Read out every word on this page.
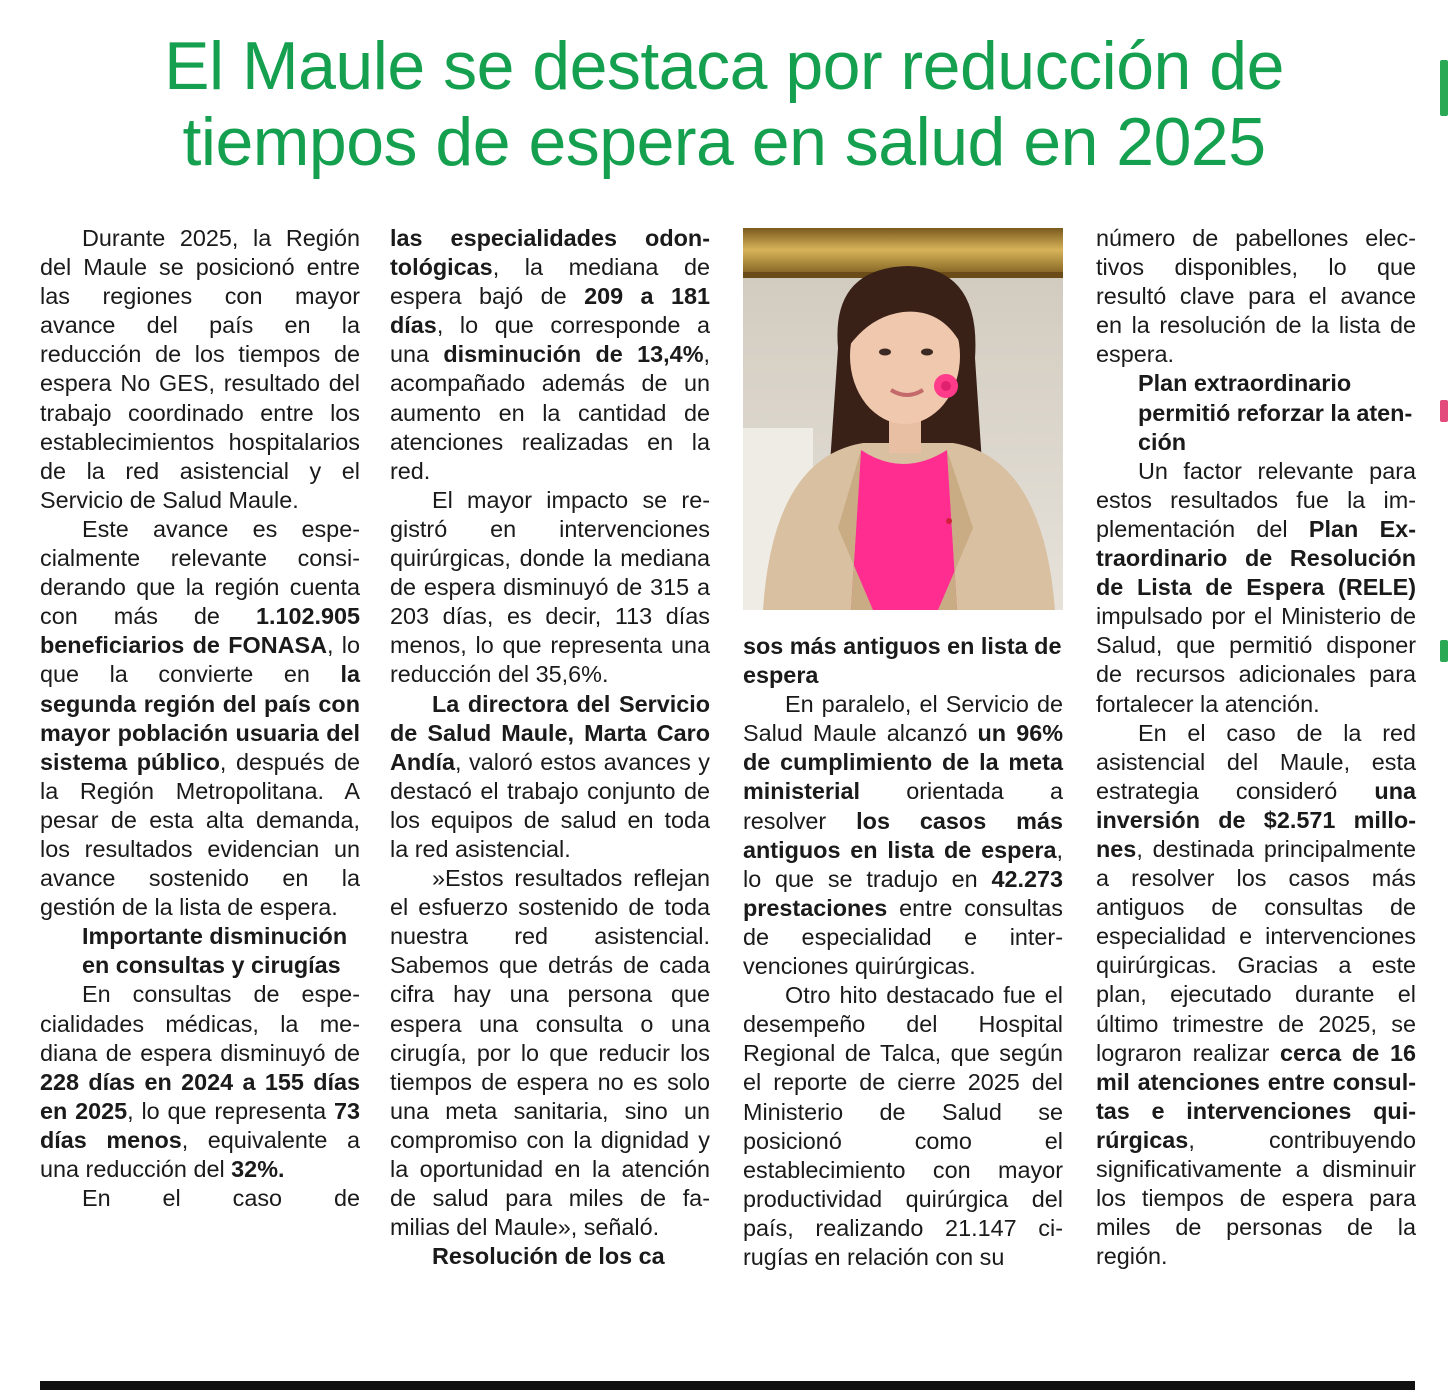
El Maule se destaca por reducción de tiempos de espera en salud en 2025

Durante 2025, la Región del Maule se posicionó entre las regiones con mayor avance del país en la reducción de los tiempos de espera No GES, resultado del trabajo coordinado entre los establecimientos hospitalarios de la red asistencial y el Servicio de Salud Maule.

Este avance es especialmente relevante considerando que la región cuenta con más de 1.102.905 beneficiarios de FONASA, lo que la convierte en la segunda región del país con mayor población usuaria del sistema público, después de la Región Metropolitana. A pesar de esta alta demanda, los resultados evidencian un avance sostenido en la gestión de la lista de espera.

Importante disminución en consultas y cirugías

En consultas de especialidades médicas, la mediana de espera disminuyó de 228 días en 2024 a 155 días en 2025, lo que representa 73 días menos, equivalente a una reducción del 32%.

En el caso de

las especialidades odontológicas, la mediana de espera bajó de 209 a 181 días, lo que corresponde a una disminución de 13,4%, acompañado además de un aumento en la cantidad de atenciones realizadas en la red.

El mayor impacto se registró en intervenciones quirúrgicas, donde la mediana de espera disminuyó de 315 a 203 días, es decir, 113 días menos, lo que representa una reducción del 35,6%.

La directora del Servicio de Salud Maule, Marta Caro Andía, valoró estos avances y destacó el trabajo conjunto de los equipos de salud en toda la red asistencial.

»Estos resultados reflejan el esfuerzo sostenido de toda nuestra red asistencial. Sabemos que detrás de cada cifra hay una persona que espera una consulta o una cirugía, por lo que reducir los tiempos de espera no es solo una meta sanitaria, sino un compromiso con la dignidad y la oportunidad en la atención de salud para miles de familias del Maule», señaló.

Resolución de los ca
sos más antiguos en lista de espera

En paralelo, el Servicio de Salud Maule alcanzó un 96% de cumplimiento de la meta ministerial orientada a resolver los casos más antiguos en lista de espera, lo que se tradujo en 42.273 prestaciones entre consultas de especialidad e intervenciones quirúrgicas.

Otro hito destacado fue el desempeño del Hospital Regional de Talca, que según el reporte de cierre 2025 del Ministerio de Salud se posicionó como el establecimiento con mayor productividad quirúrgica del país, realizando 21.147 cirugías en relación con su

número de pabellones electivos disponibles, lo que resultó clave para el avance en la resolución de la lista de espera.

Plan extraordinario permitió reforzar la atención

Un factor relevante para estos resultados fue la implementación del Plan Extraordinario de Resolución de Lista de Espera (RELE) impulsado por el Ministerio de Salud, que permitió disponer de recursos adicionales para fortalecer la atención.

En el caso de la red asistencial del Maule, esta estrategia consideró una inversión de $2.571 millones, destinada principalmente a resolver los casos más antiguos de consultas de especialidad e intervenciones quirúrgicas. Gracias a este plan, ejecutado durante el último trimestre de 2025, se lograron realizar cerca de 16 mil atenciones entre consultas e intervenciones quirúrgicas, contribuyendo significativamente a disminuir los tiempos de espera para miles de personas de la región.
